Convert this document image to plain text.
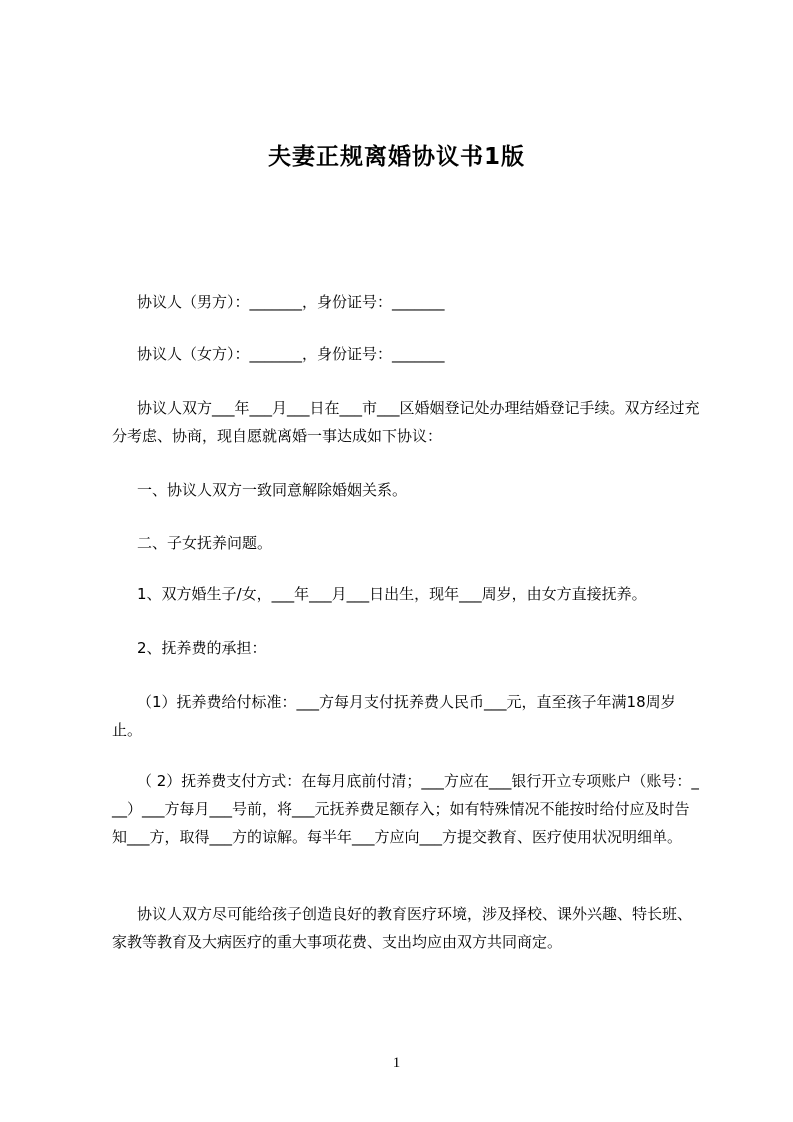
夫妻正规离婚协议书1版
协议人（男方）：_______，身份证号：_______
协议人（女方）：_______，身份证号：_______
协议人双方___年___月___日在___市___区婚姻登记处办理结婚登记手续。双方经过充分考虑、协商，现自愿就离婚一事达成如下协议：
一、协议人双方一致同意解除婚姻关系。
二、子女抚养问题。
1、双方婚生子/女，___年___月___日出生，现年___周岁，由女方直接抚养。
2、抚养费的承担：
（1）抚养费给付标准：___方每月支付抚养费人民币___元，直至孩子年满18周岁止。
（ 2）抚养费支付方式：在每月底前付清；___方应在___银行开立专项账户（账号：___）___方每月___号前，将___元抚养费足额存入；如有特殊情况不能按时给付应及时告知___方，取得___方的谅解。每半年___方应向___方提交教育、医疗使用状况明细单。
协议人双方尽可能给孩子创造良好的教育医疗环境，涉及择校、课外兴趣、特长班、家教等教育及大病医疗的重大事项花费、支出均应由双方共同商定。
1
